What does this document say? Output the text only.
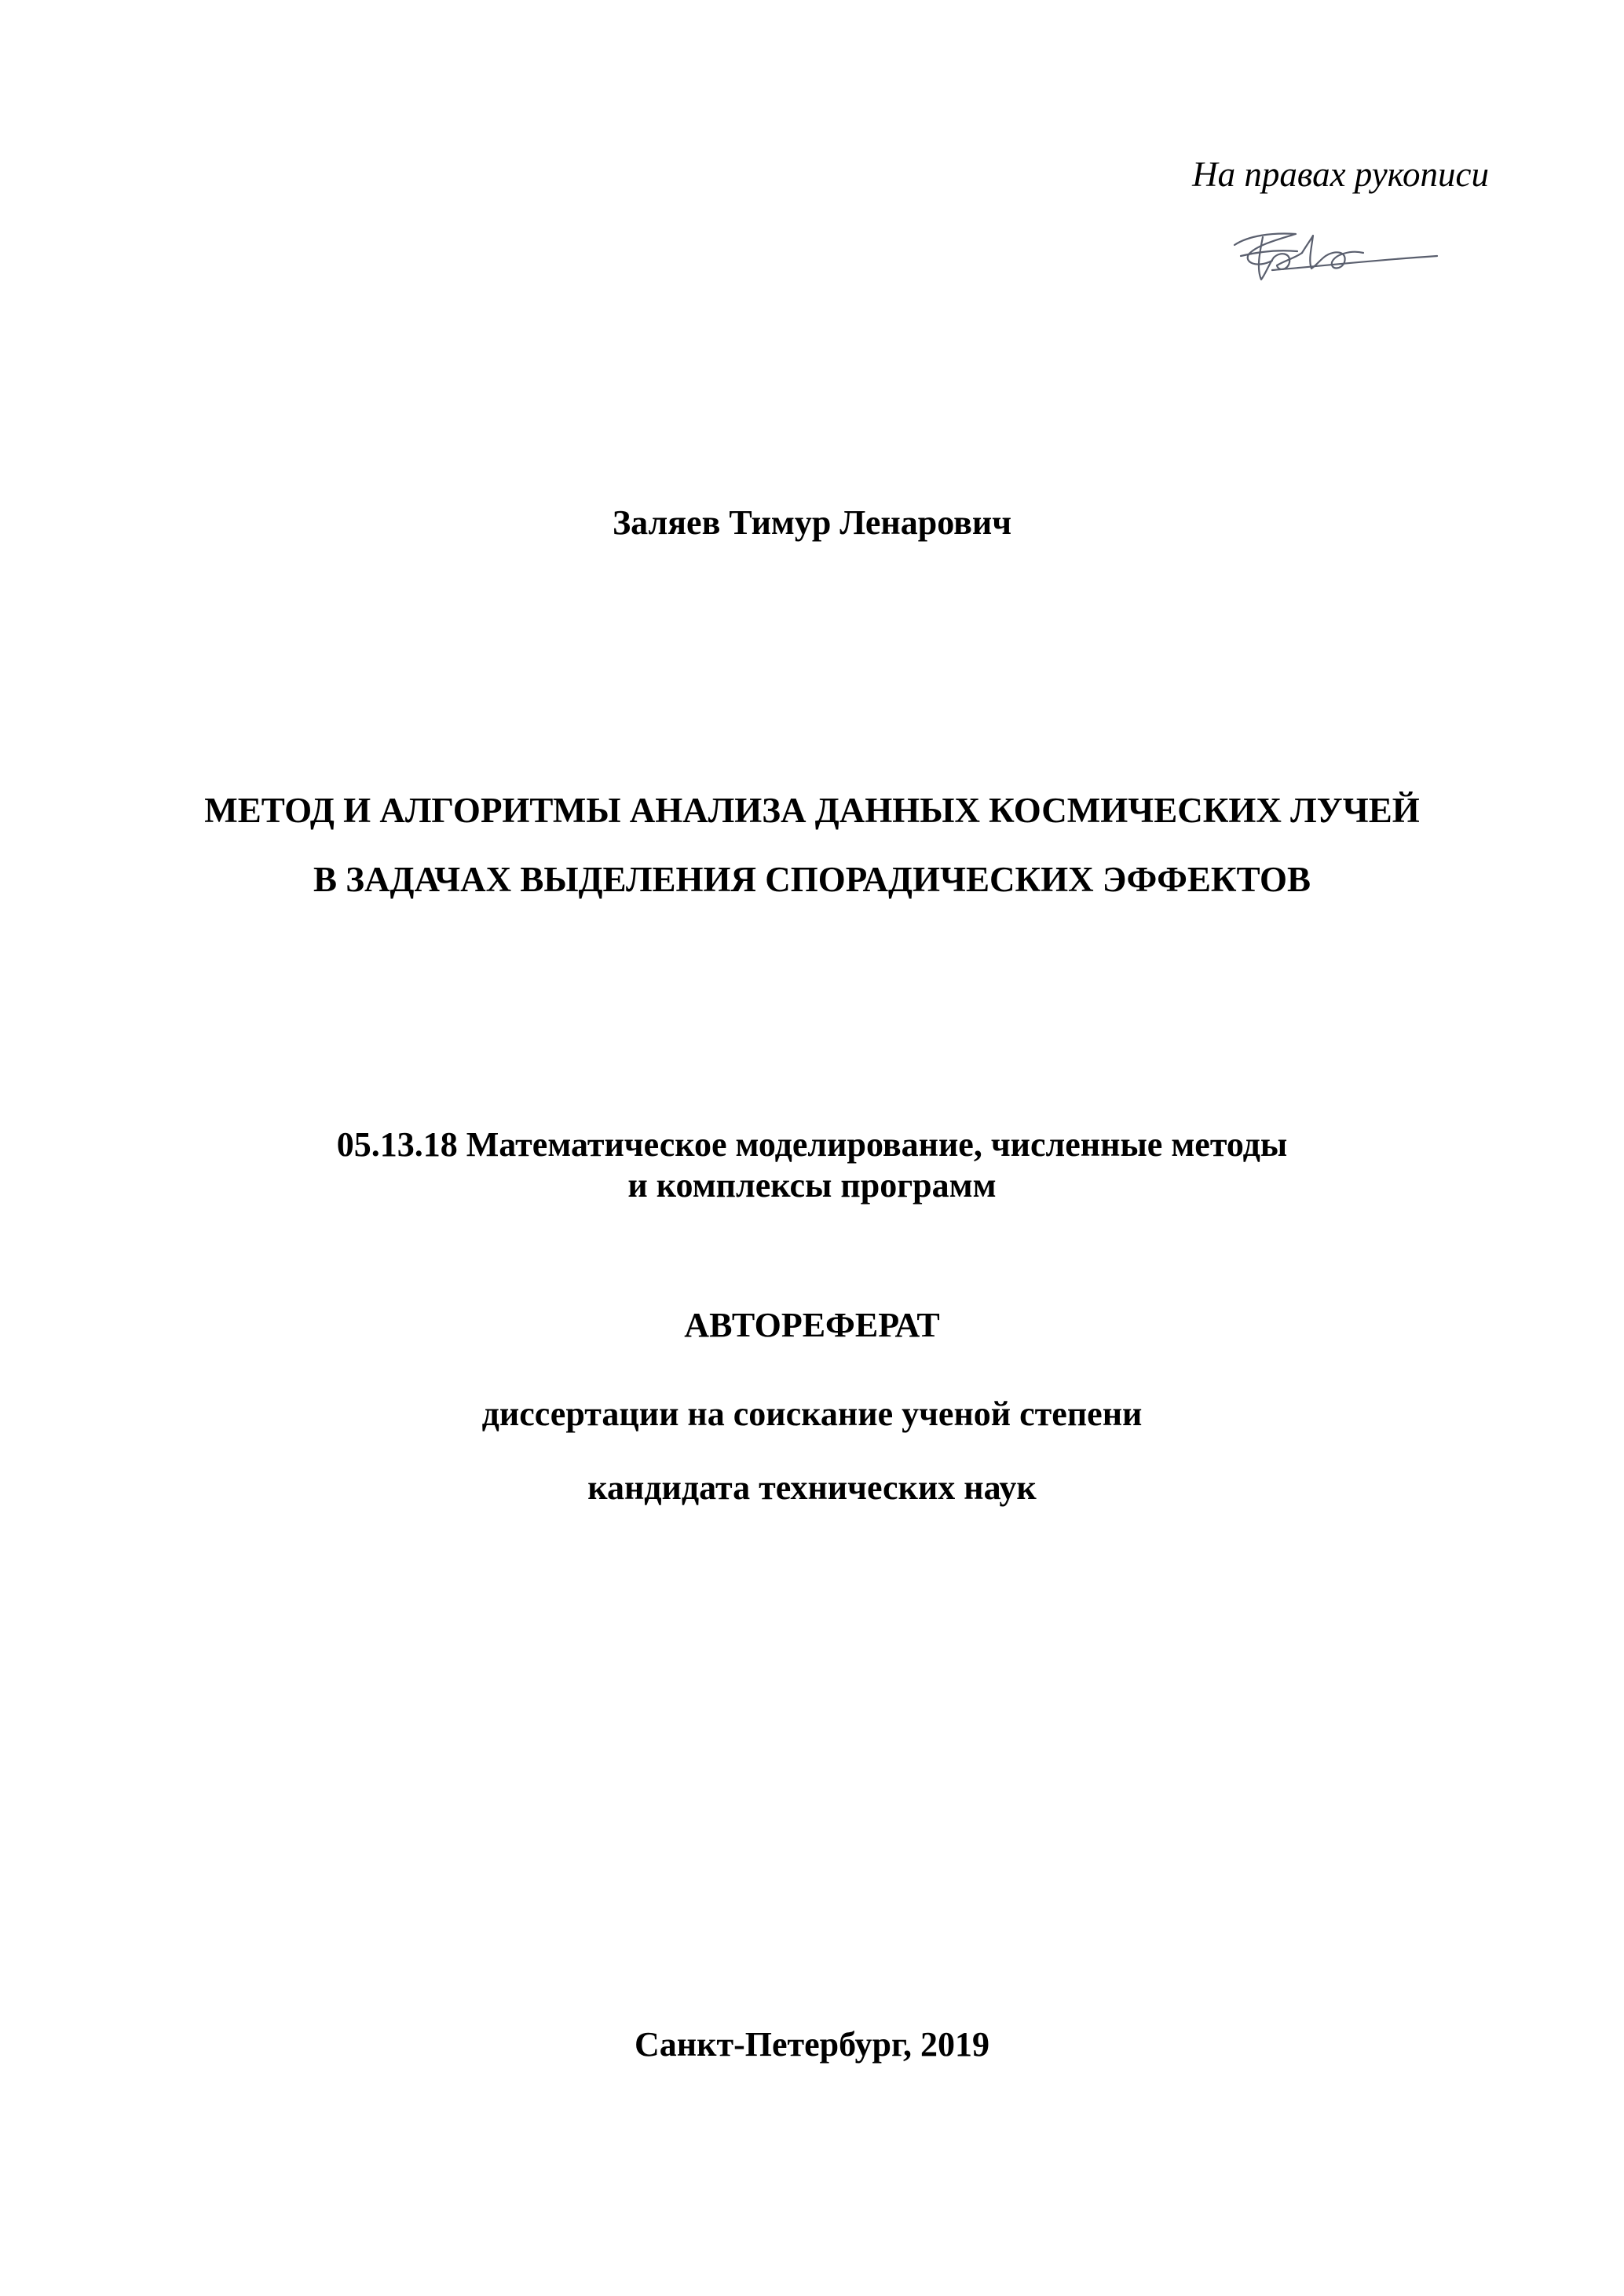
На правах рукописи
Заляев Тимур Ленарович
МЕТОД И АЛГОРИТМЫ АНАЛИЗА ДАННЫХ КОСМИЧЕСКИХ ЛУЧЕЙ
В ЗАДАЧАХ ВЫДЕЛЕНИЯ СПОРАДИЧЕСКИХ ЭФФЕКТОВ
05.13.18 Математическое моделирование, численные методы
и комплексы программ
АВТОРЕФЕРАТ
диссертации на соискание ученой степени
кандидата технических наук
Санкт-Петербург, 2019
